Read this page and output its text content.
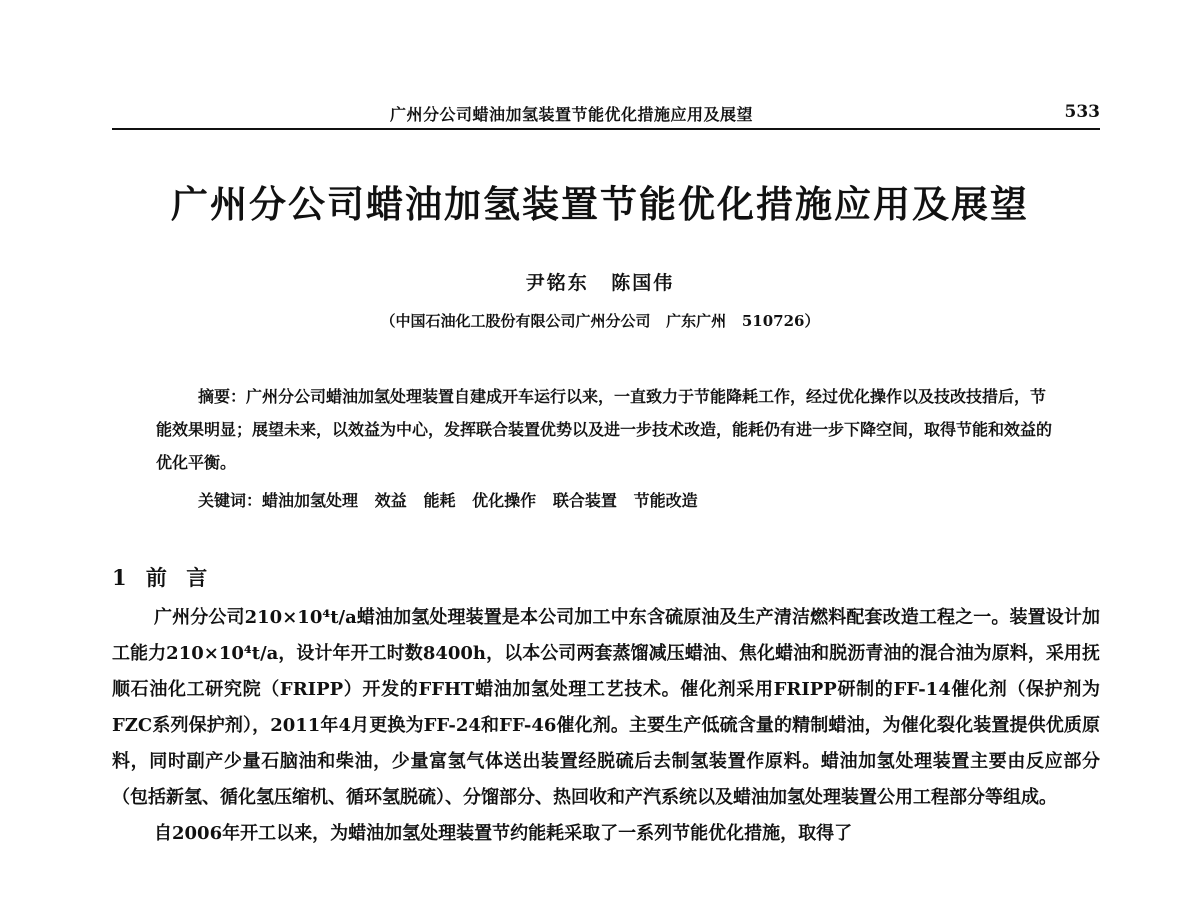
广州分公司蜡油加氢装置节能优化措施应用及展望	533
广州分公司蜡油加氢装置节能优化措施应用及展望
尹铭东 陈国伟
（中国石油化工股份有限公司广州分公司   广东广州   510726）

摘要：广州分公司蜡油加氢处理装置自建成开车运行以来，一直致力于节能降耗工作，经过优化操作以及技改技措后，节能效果明显；展望未来，以效益为中心，发挥联合装置优势以及进一步技术改造，能耗仍有进一步下降空间，取得节能和效益的优化平衡。

关键词：蜡油加氢处理   效益   能耗   优化操作   联合装置   节能改造
1 前 言

广州分公司210×10⁴t/a蜡油加氢处理装置是本公司加工中东含硫原油及生产清洁燃料配套改造工程之一。装置设计加工能力210×10⁴t/a，设计年开工时数8400h，以本公司两套蒸馏减压蜡油、焦化蜡油和脱沥青油的混合油为原料，采用抚顺石油化工研究院（FRIPP）开发的FFHT蜡油加氢处理工艺技术。催化剂采用FRIPP研制的FF-14催化剂（保护剂为FZC系列保护剂），2011年4月更换为FF-24和FF-46催化剂。主要生产低硫含量的精制蜡油，为催化裂化装置提供优质原料，同时副产少量石脑油和柴油，少量富氢气体送出装置经脱硫后去制氢装置作原料。蜡油加氢处理装置主要由反应部分（包括新氢、循化氢压缩机、循环氢脱硫）、分馏部分、热回收和产汽系统以及蜡油加氢处理装置公用工程部分等组成。

自2006年开工以来，为蜡油加氢处理装置节约能耗采取了一系列节能优化措施，取得了
